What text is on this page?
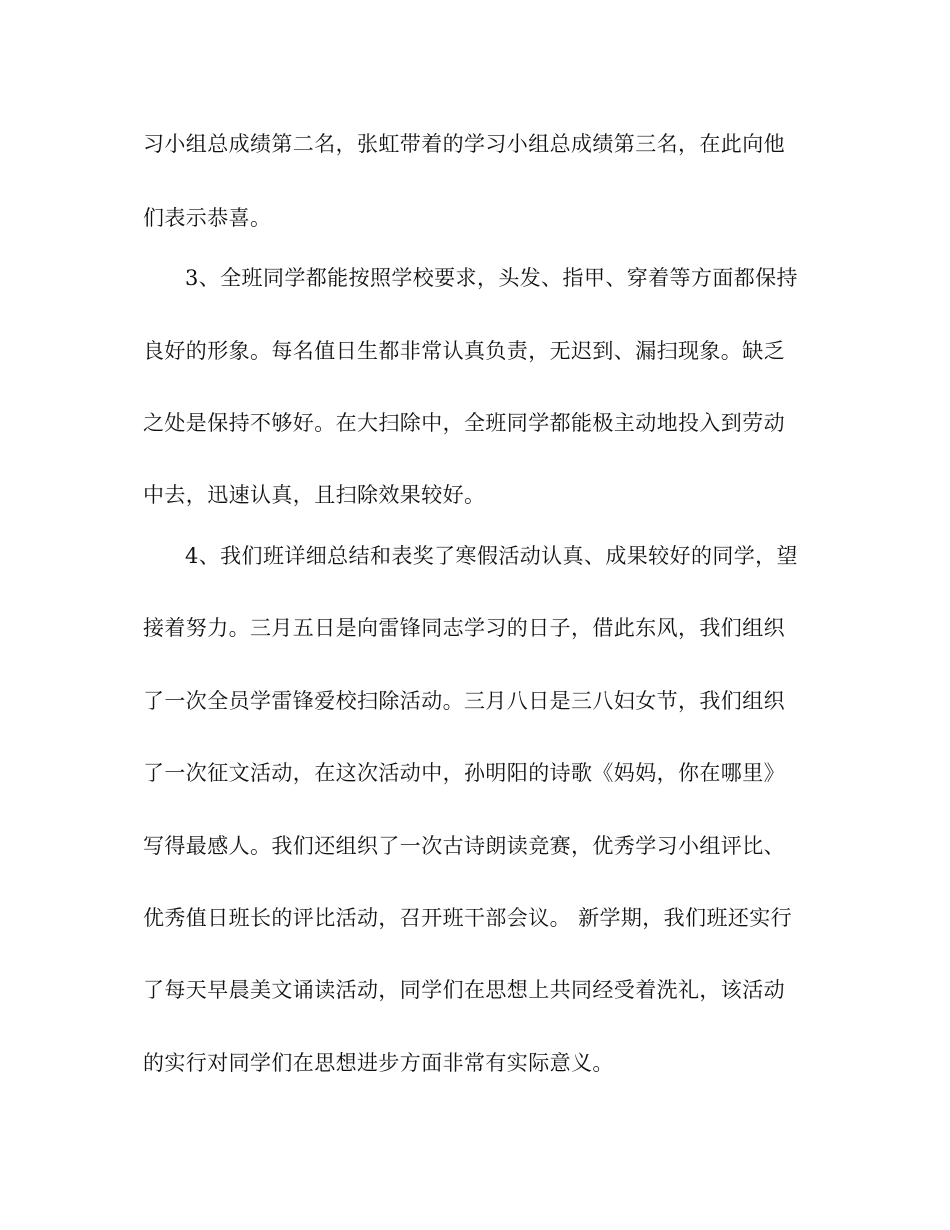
习小组总成绩第二名，张虹带着的学习小组总成绩第三名，在此向他

们表示恭喜。

3、全班同学都能按照学校要求，头发、指甲、穿着等方面都保持

良好的形象。每名值日生都非常认真负责，无迟到、漏扫现象。缺乏

之处是保持不够好。在大扫除中，全班同学都能极主动地投入到劳动

中去，迅速认真，且扫除效果较好。

4、我们班详细总结和表奖了寒假活动认真、成果较好的同学，望

接着努力。三月五日是向雷锋同志学习的日子，借此东风，我们组织

了一次全员学雷锋爱校扫除活动。三月八日是三八妇女节，我们组织

了一次征文活动，在这次活动中，孙明阳的诗歌《妈妈，你在哪里》

写得最感人。我们还组织了一次古诗朗读竞赛，优秀学习小组评比、

优秀值日班长的评比活动，召开班干部会议。 新学期，我们班还实行

了每天早晨美文诵读活动，同学们在思想上共同经受着洗礼，该活动

的实行对同学们在思想进步方面非常有实际意义。
